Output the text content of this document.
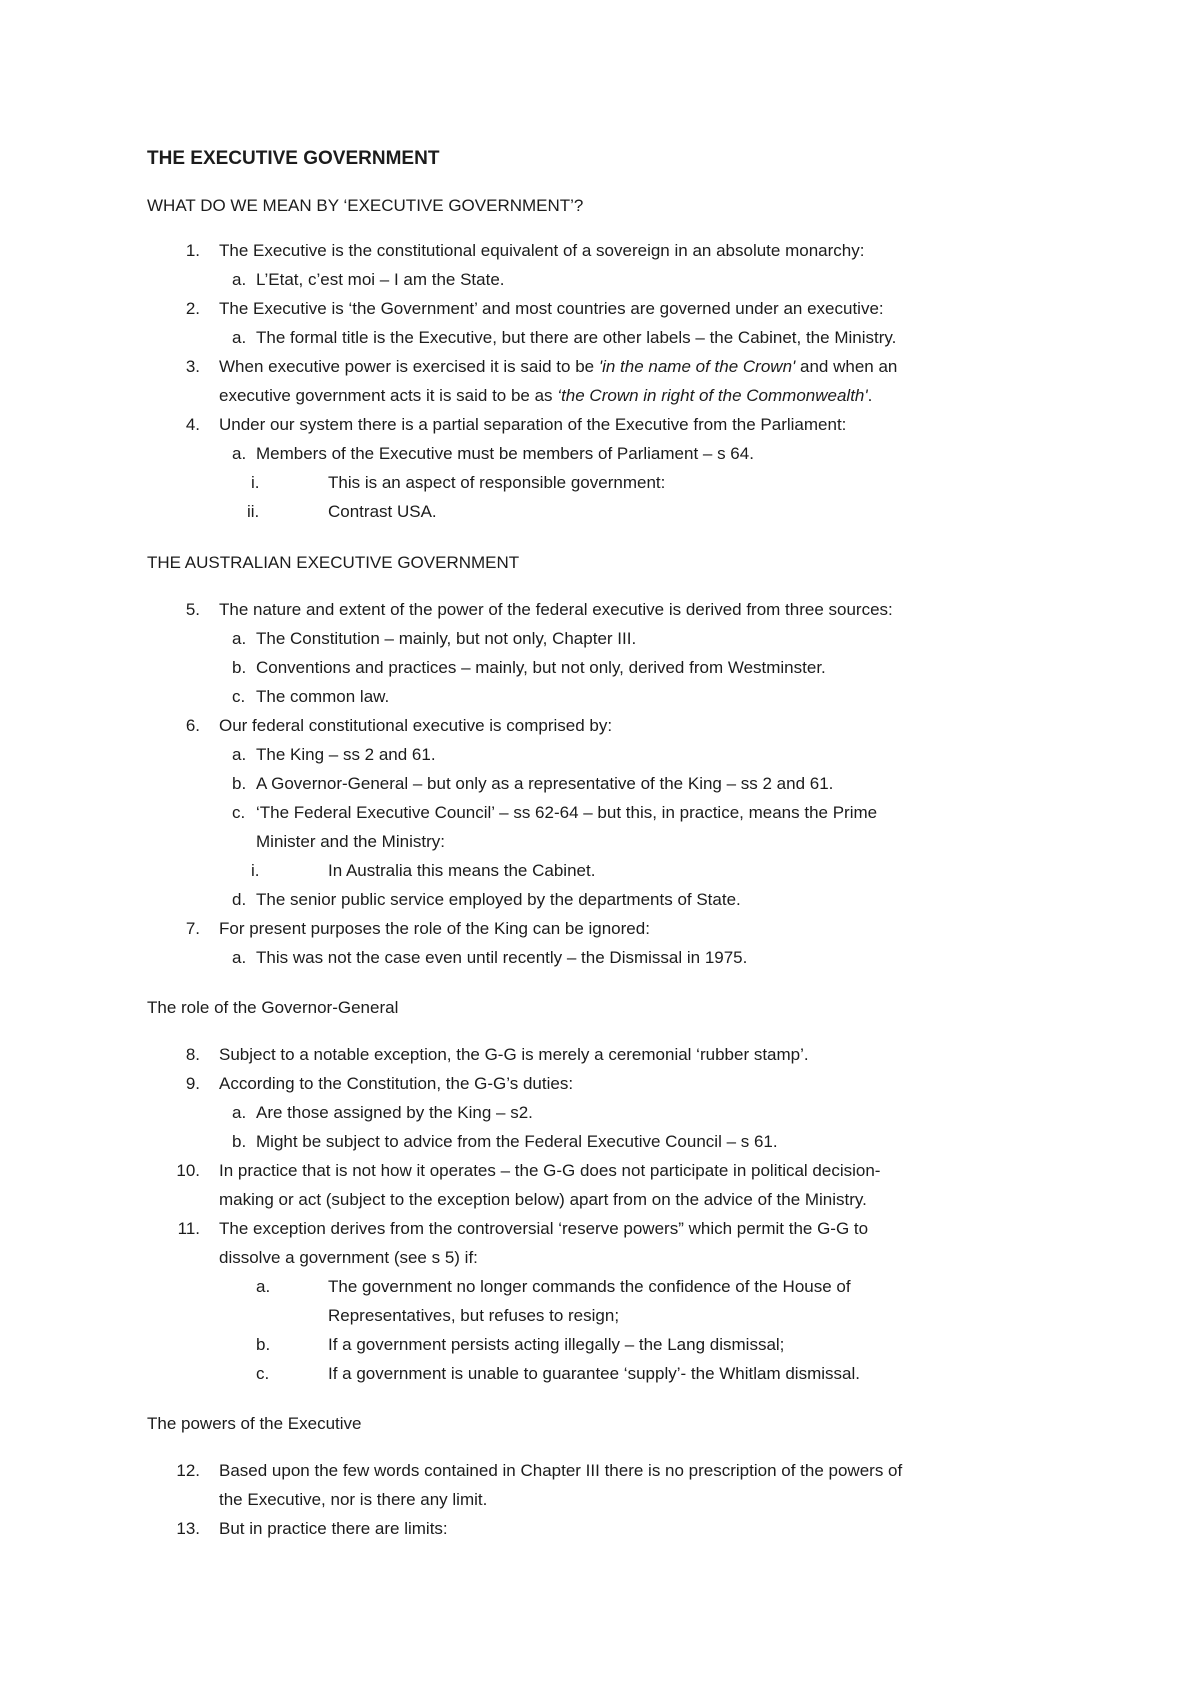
THE EXECUTIVE GOVERNMENT
WHAT DO WE MEAN BY ‘EXECUTIVE GOVERNMENT’?
1. The Executive is the constitutional equivalent of a sovereign in an absolute monarchy:
a. L’Etat, c’est moi – I am the State.
2. The Executive is ‘the Government’ and most countries are governed under an executive:
a. The formal title is the Executive, but there are other labels – the Cabinet, the Ministry.
3. When executive power is exercised it is said to be 'in the name of the Crown' and when an
executive government acts it is said to be as ‘the Crown in right of the Commonwealth'.
4. Under our system there is a partial separation of the Executive from the Parliament:
a. Members of the Executive must be members of Parliament – s 64.
i.	This is an aspect of responsible government:
ii.	Contrast USA.
THE AUSTRALIAN EXECUTIVE GOVERNMENT
5. The nature and extent of the power of the federal executive is derived from three sources:
a. The Constitution – mainly, but not only, Chapter III.
b. Conventions and practices – mainly, but not only, derived from Westminster.
c. The common law.
6. Our federal constitutional executive is comprised by:
a. The King – ss 2 and 61.
b. A Governor-General – but only as a representative of the King – ss 2 and 61.
c. ‘The Federal Executive Council’ – ss 62-64 – but this, in practice, means the Prime
Minister and the Ministry:
i.	In Australia this means the Cabinet.
d. The senior public service employed by the departments of State.
7. For present purposes the role of the King can be ignored:
a. This was not the case even until recently – the Dismissal in 1975.
The role of the Governor-General
8. Subject to a notable exception, the G-G is merely a ceremonial ‘rubber stamp’.
9. According to the Constitution, the G-G’s duties:
a. Are those assigned by the King – s2.
b. Might be subject to advice from the Federal Executive Council – s 61.
10. In practice that is not how it operates – the G-G does not participate in political decision-
making or act (subject to the exception below) apart from on the advice of the Ministry.
11. The exception derives from the controversial ‘reserve powers” which permit the G-G to
dissolve a government (see s 5) if:
a.	The government no longer commands the confidence of the House of
Representatives, but refuses to resign;
b.	If a government persists acting illegally – the Lang dismissal;
c.	If a government is unable to guarantee ‘supply’- the Whitlam dismissal.
The powers of the Executive
12. Based upon the few words contained in Chapter III there is no prescription of the powers of
the Executive, nor is there any limit.
13. But in practice there are limits:
